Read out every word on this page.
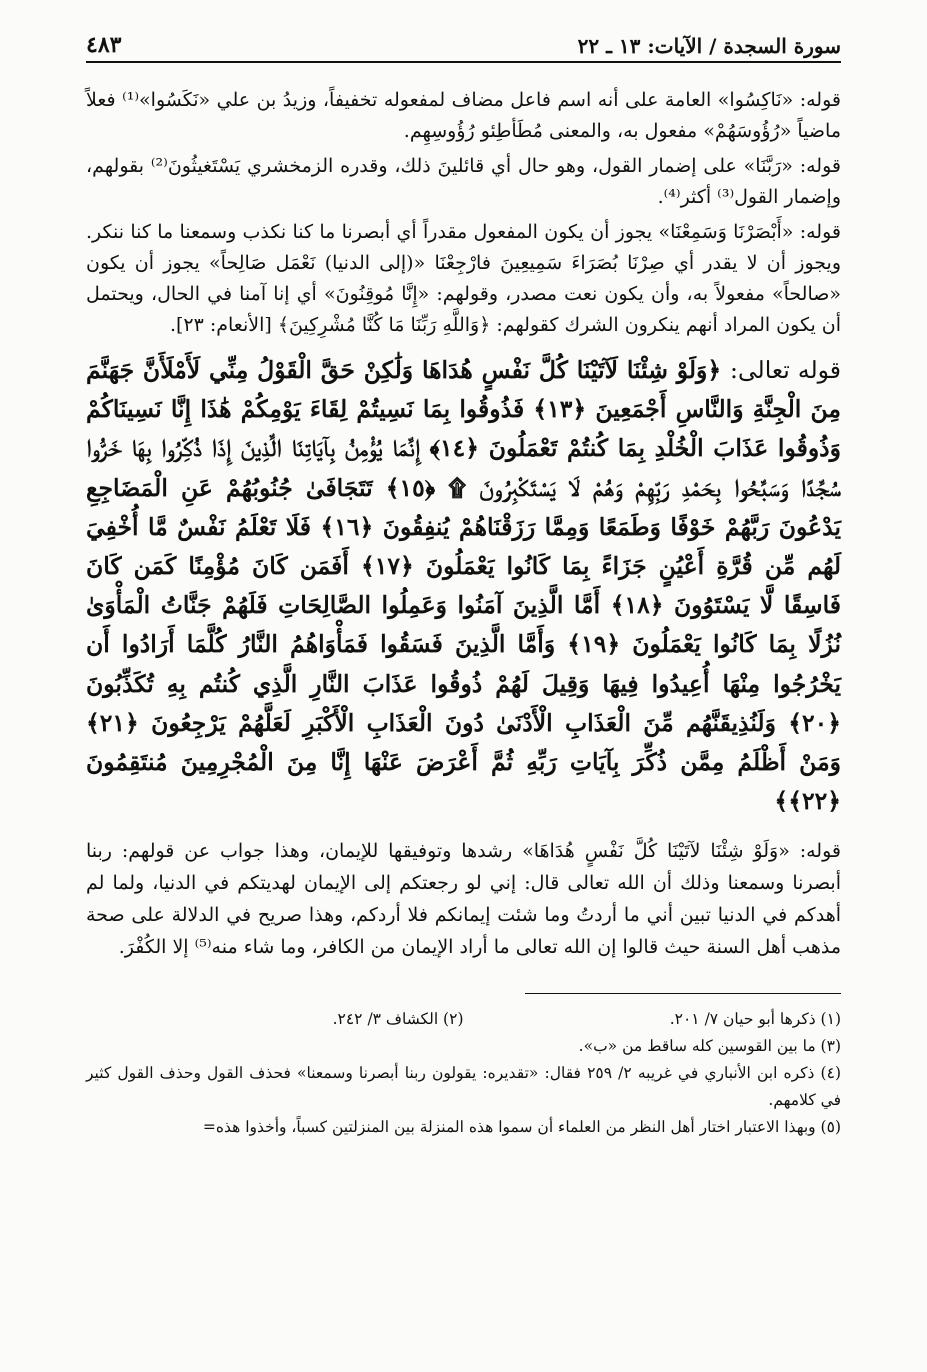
سورة السجدة / الآيات: ١٣ ـ ٢٢
٤٨٣

قوله: «نَاكِسُوا» العامة على أنه اسم فاعل مضاف لمفعوله تخفيفاً، وزيدُ بن علي «نَكَسُوا»⁽¹⁾ فعلاً ماضياً «رُؤُوسَهُمْ» مفعول به، والمعنى مُطَأطِئو رُؤُوسِهِم.

قوله: «رَبَّنَا» على إضمار القول، وهو حال أي قائلينَ ذلك، وقدره الزمخشري يَسْتَغيثُونَ⁽²⁾ بقولهم، وإضمار القول⁽³⁾ أكثر⁽⁴⁾.

قوله: «أَبْصَرْنَا وَسَمِعْنَا» يجوز أن يكون المفعول مقدراً أي أبصرنا ما كنا نكذب وسمعنا ما كنا ننكر. ويجوز أن لا يقدر أي صِرْنَا بُصَرَاءَ سَمِيعِينَ فارْجِعْنَا «(إلى الدنيا) نَعْمَل صَالِحاً» يجوز أن يكون «صالحاً» مفعولاً به، وأن يكون نعت مصدر، وقولهم: «إِنَّا مُوقِنُونَ» أي إنا آمنا في الحال، ويحتمل أن يكون المراد أنهم ينكرون الشرك كقولهم: ﴿وَاللَّهِ رَبِّنَا مَا كُنَّا مُشْرِكِينَ﴾ [الأنعام: ٢٣].

قوله تعالى: ﴿وَلَوْ شِئْنَا لَآتَيْنَا كُلَّ نَفْسٍ هُدَاهَا وَلَٰكِنْ حَقَّ الْقَوْلُ مِنِّي لَأَمْلَأَنَّ جَهَنَّمَ مِنَ الْجِنَّةِ وَالنَّاسِ أَجْمَعِينَ ﴿١٣﴾ فَذُوقُوا بِمَا نَسِيتُمْ لِقَاءَ يَوْمِكُمْ هَٰذَا إِنَّا نَسِينَاكُمْ وَذُوقُوا عَذَابَ الْخُلْدِ بِمَا كُنتُمْ تَعْمَلُونَ ﴿١٤﴾ إِنَّمَا يُؤْمِنُ بِآيَاتِنَا الَّذِينَ إِذَا ذُكِّرُوا بِهَا خَرُّوا سُجَّدًا وَسَبَّحُوا بِحَمْدِ رَبِّهِمْ وَهُمْ لَا يَسْتَكْبِرُونَ ۩ ﴿١٥﴾ تَتَجَافَىٰ جُنُوبُهُمْ عَنِ الْمَضَاجِعِ يَدْعُونَ رَبَّهُمْ خَوْفًا وَطَمَعًا وَمِمَّا رَزَقْنَاهُمْ يُنفِقُونَ ﴿١٦﴾ فَلَا تَعْلَمُ نَفْسٌ مَّا أُخْفِيَ لَهُم مِّن قُرَّةِ أَعْيُنٍ جَزَاءً بِمَا كَانُوا يَعْمَلُونَ ﴿١٧﴾ أَفَمَن كَانَ مُؤْمِنًا كَمَن كَانَ فَاسِقًا لَّا يَسْتَوُونَ ﴿١٨﴾ أَمَّا الَّذِينَ آمَنُوا وَعَمِلُوا الصَّالِحَاتِ فَلَهُمْ جَنَّاتُ الْمَأْوَىٰ نُزُلًا بِمَا كَانُوا يَعْمَلُونَ ﴿١٩﴾ وَأَمَّا الَّذِينَ فَسَقُوا فَمَأْوَاهُمُ النَّارُ كُلَّمَا أَرَادُوا أَن يَخْرُجُوا مِنْهَا أُعِيدُوا فِيهَا وَقِيلَ لَهُمْ ذُوقُوا عَذَابَ النَّارِ الَّذِي كُنتُم بِهِ تُكَذِّبُونَ ﴿٢٠﴾ وَلَنُذِيقَنَّهُم مِّنَ الْعَذَابِ الْأَدْنَىٰ دُونَ الْعَذَابِ الْأَكْبَرِ لَعَلَّهُمْ يَرْجِعُونَ ﴿٢١﴾ وَمَنْ أَظْلَمُ مِمَّن ذُكِّرَ بِآيَاتِ رَبِّهِ ثُمَّ أَعْرَضَ عَنْهَا إِنَّا مِنَ الْمُجْرِمِينَ مُنتَقِمُونَ ﴿٢٢﴾﴾

قوله: «وَلَوْ شِئْنَا لآتَيْنَا كُلَّ نَفْسٍ هُدَاهَا» رشدها وتوفيقها للإيمان، وهذا جواب عن قولهم: ربنا أبصرنا وسمعنا وذلك أن الله تعالى قال: إني لو رجعتكم إلى الإيمان لهديتكم في الدنيا، ولما لم أهدكم في الدنيا تبين أني ما أردتُ وما شئت إيمانكم فلا أردكم، وهذا صريح في الدلالة على صحة مذهب أهل السنة حيث قالوا إن الله تعالى ما أراد الإيمان من الكافر، وما شاء منه⁽⁵⁾ إلا الكُفْرَ.

(١) ذكرها أبو حيان ٧/ ٢٠١.
(٢) الكشاف ٣/ ٢٤٢.
(٣) ما بين القوسين كله ساقط من «ب».
(٤) ذكره ابن الأنباري في غريبه ٢/ ٢٥٩ فقال: «تقديره: يقولون ربنا أبصرنا وسمعنا» فحذف القول وحذف القول كثير في كلامهم.
(٥) وبهذا الاعتبار اختار أهل النظر من العلماء أن سموا هذه المنزلة بين المنزلتين كسباً، وأخذوا هذه=
